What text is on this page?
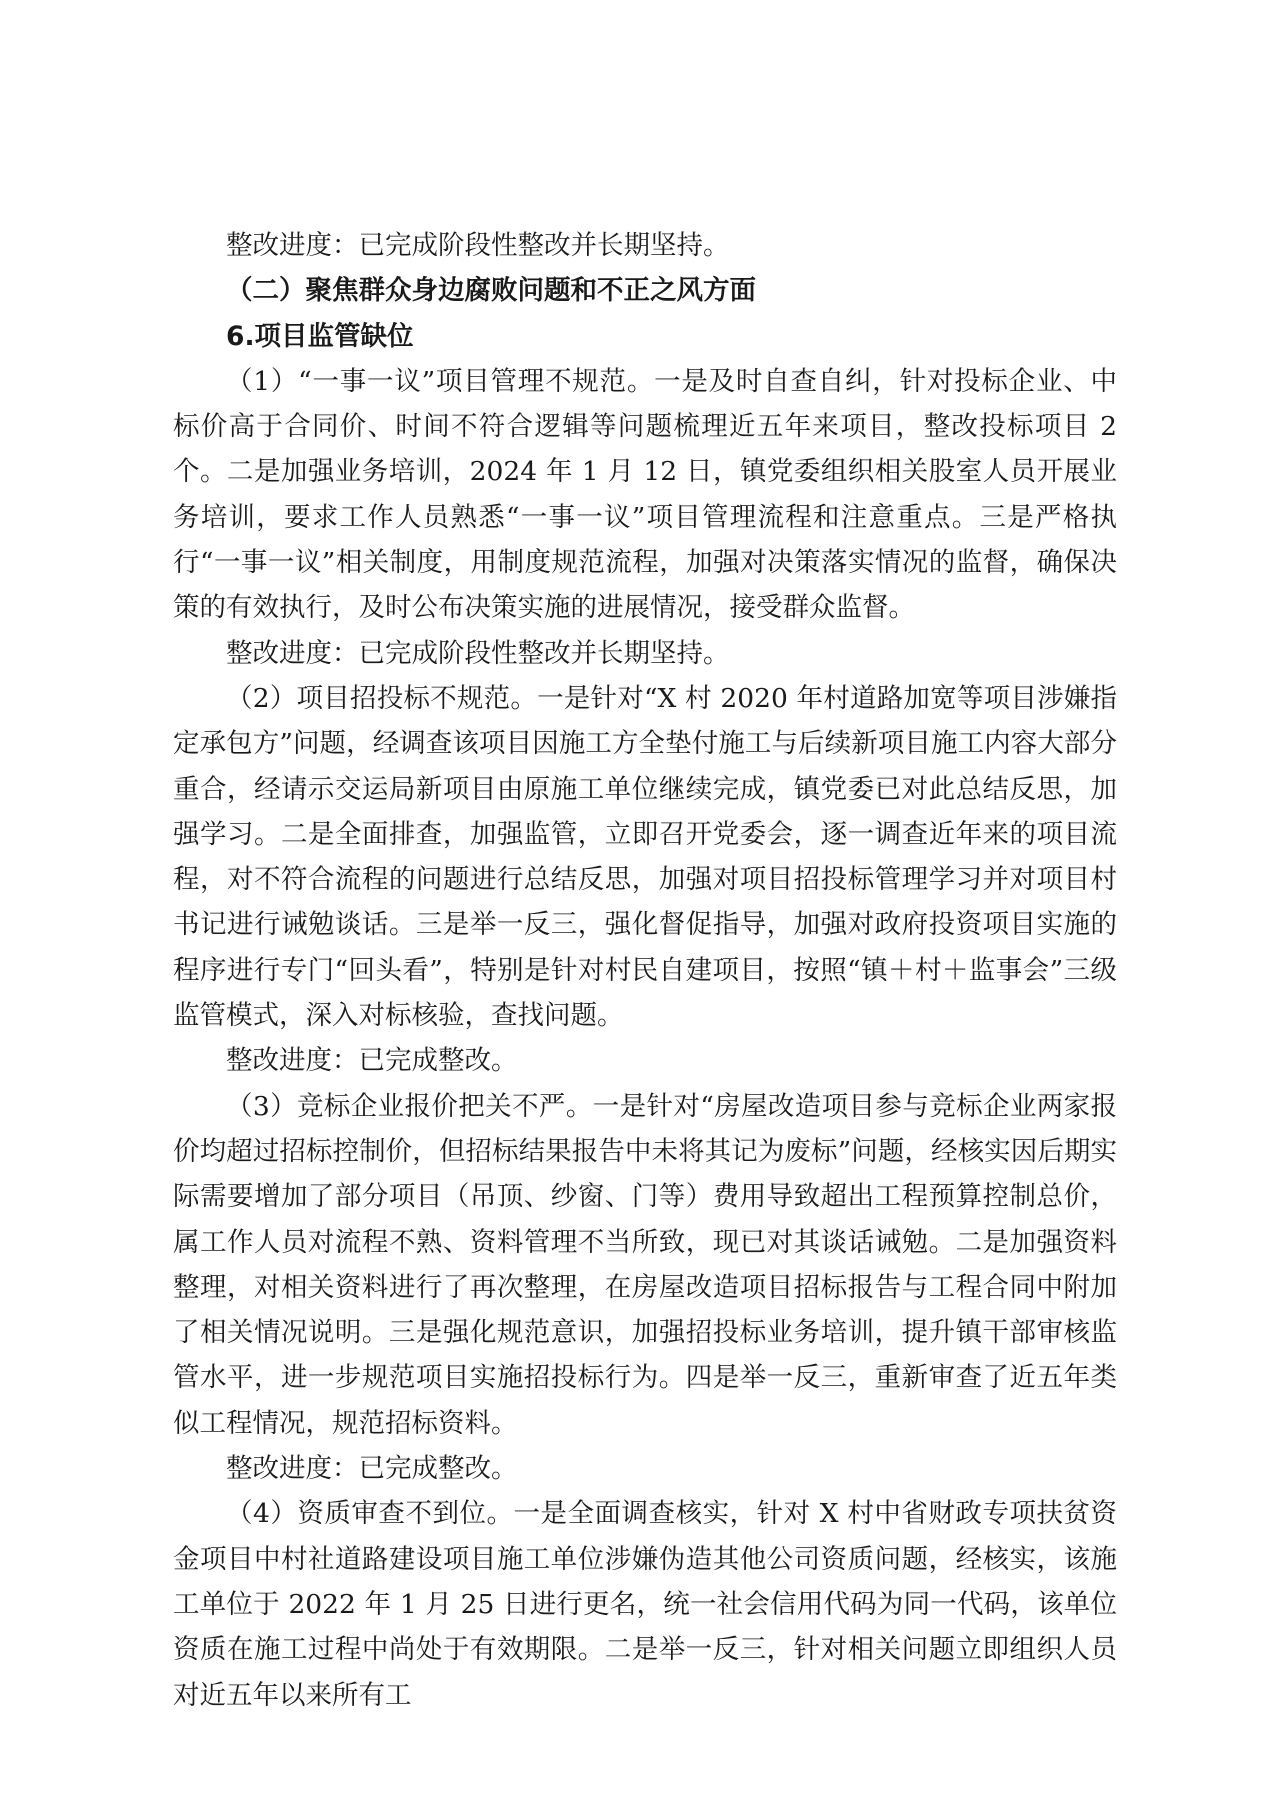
整改进度：已完成阶段性整改并长期坚持。

（二）聚焦群众身边腐败问题和不正之风方面

6.项目监管缺位

（1）“一事一议”项目管理不规范。一是及时自查自纠，针对投标企业、中标价高于合同价、时间不符合逻辑等问题梳理近五年来项目，整改投标项目 2 个。二是加强业务培训，2024 年 1 月 12 日，镇党委组织相关股室人员开展业务培训，要求工作人员熟悉“一事一议”项目管理流程和注意重点。三是严格执行“一事一议”相关制度，用制度规范流程，加强对决策落实情况的监督，确保决策的有效执行，及时公布决策实施的进展情况，接受群众监督。

整改进度：已完成阶段性整改并长期坚持。

（2）项目招投标不规范。一是针对“X 村 2020 年村道路加宽等项目涉嫌指定承包方”问题，经调查该项目因施工方全垫付施工与后续新项目施工内容大部分重合，经请示交运局新项目由原施工单位继续完成，镇党委已对此总结反思，加强学习。二是全面排查，加强监管，立即召开党委会，逐一调查近年来的项目流程，对不符合流程的问题进行总结反思，加强对项目招投标管理学习并对项目村书记进行诫勉谈话。三是举一反三，强化督促指导，加强对政府投资项目实施的程序进行专门“回头看”，特别是针对村民自建项目，按照“镇＋村＋监事会”三级监管模式，深入对标核验，查找问题。

整改进度：已完成整改。

（3）竞标企业报价把关不严。一是针对“房屋改造项目参与竞标企业两家报价均超过招标控制价，但招标结果报告中未将其记为废标”问题，经核实因后期实际需要增加了部分项目（吊顶、纱窗、门等）费用导致超出工程预算控制总价，属工作人员对流程不熟、资料管理不当所致，现已对其谈话诫勉。二是加强资料整理，对相关资料进行了再次整理，在房屋改造项目招标报告与工程合同中附加了相关情况说明。三是强化规范意识，加强招投标业务培训，提升镇干部审核监管水平，进一步规范项目实施招投标行为。四是举一反三，重新审查了近五年类似工程情况，规范招标资料。

整改进度：已完成整改。

（4）资质审查不到位。一是全面调查核实，针对 X 村中省财政专项扶贫资金项目中村社道路建设项目施工单位涉嫌伪造其他公司资质问题，经核实，该施工单位于 2022 年 1 月 25 日进行更名，统一社会信用代码为同一代码，该单位资质在施工过程中尚处于有效期限。二是举一反三，针对相关问题立即组织人员对近五年以来所有工
